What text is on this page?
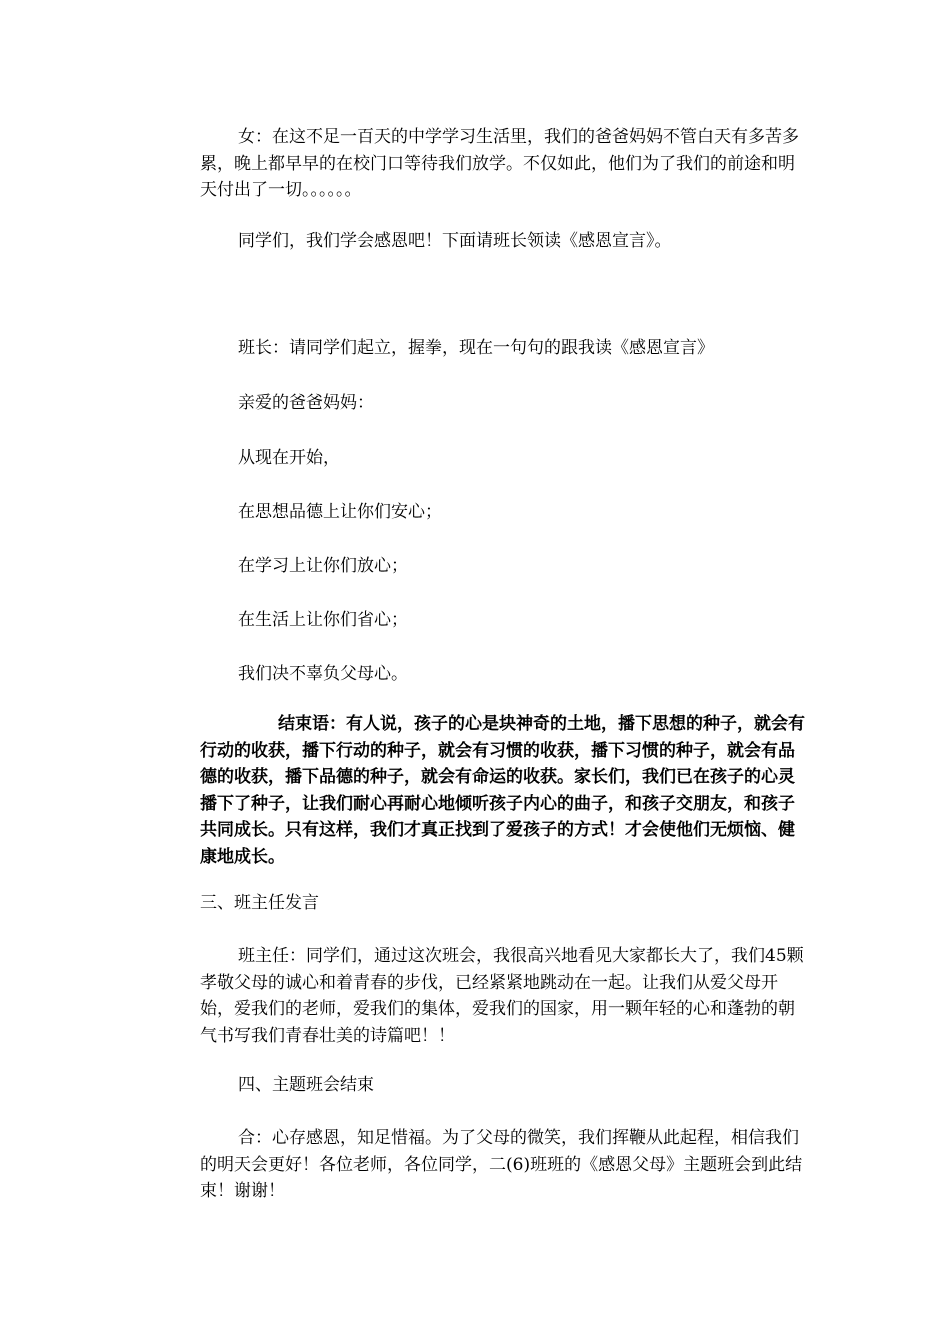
女：在这不足一百天的中学学习生活里，我们的爸爸妈妈不管白天有多苦多累，晚上都早早的在校门口等待我们放学。不仅如此，他们为了我们的前途和明天付出了一切。。。。。。

同学们，我们学会感恩吧！下面请班长领读《感恩宣言》。

班长：请同学们起立，握拳，现在一句句的跟我读《感恩宣言》

亲爱的爸爸妈妈：

从现在开始，

在思想品德上让你们安心；

在学习上让你们放心；

在生活上让你们省心；

我们决不辜负父母心。

结束语：有人说，孩子的心是块神奇的土地，播下思想的种子，就会有行动的收获，播下行动的种子，就会有习惯的收获，播下习惯的种子，就会有品德的收获，播下品德的种子，就会有命运的收获。家长们，我们已在孩子的心灵播下了种子，让我们耐心再耐心地倾听孩子内心的曲子，和孩子交朋友，和孩子共同成长。只有这样，我们才真正找到了爱孩子的方式！才会使他们无烦恼、健康地成长。

三、班主任发言

班主任：同学们，通过这次班会，我很高兴地看见大家都长大了，我们45颗孝敬父母的诚心和着青春的步伐，已经紧紧地跳动在一起。让我们从爱父母开始，爱我们的老师，爱我们的集体，爱我们的国家，用一颗年轻的心和蓬勃的朝气书写我们青春壮美的诗篇吧！！

四、主题班会结束

合：心存感恩，知足惜福。为了父母的微笑，我们挥鞭从此起程，相信我们的明天会更好！各位老师，各位同学，二(6)班班的《感恩父母》主题班会到此结束！谢谢！
